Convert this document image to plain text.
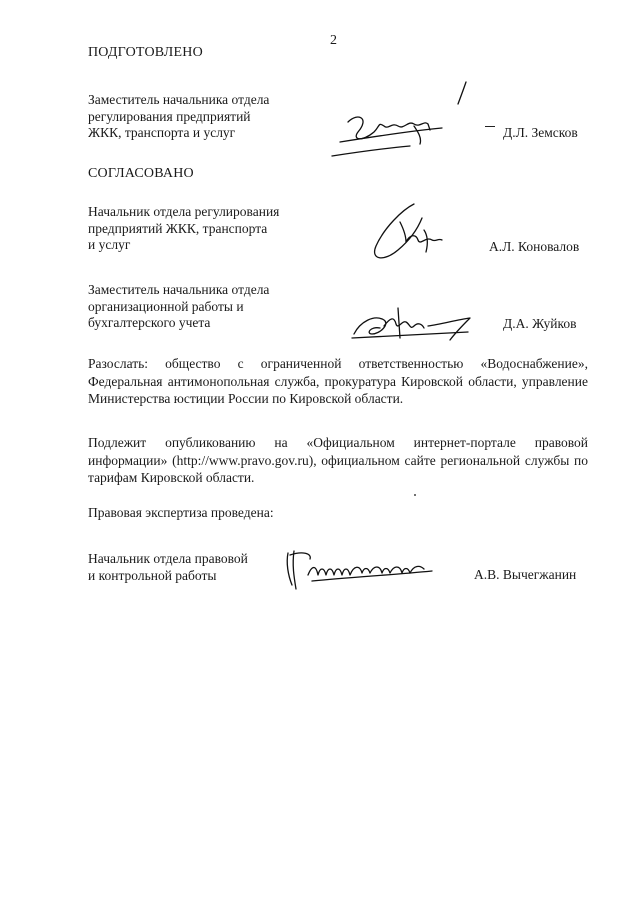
2
ПОДГОТОВЛЕНО
Заместитель начальника отдела
регулирования предприятий
ЖКК, транспорта и услуг	Д.Л. Земсков
СОГЛАСОВАНО
Начальник отдела регулирования
предприятий ЖКК, транспорта
и услуг	А.Л. Коновалов
Заместитель начальника отдела
организационной работы и
бухгалтерского учета	Д.А. Жуйков
Разослать: общество с ограниченной ответственностью «Водоснабжение», Федеральная антимонопольная служба, прокуратура Кировской области, управление Министерства юстиции России по Кировской области.
Подлежит опубликованию на «Официальном интернет-портале правовой информации» (http://www.pravo.gov.ru), официальном сайте региональной службы по тарифам Кировской области.
Правовая экспертиза проведена:
Начальник отдела правовой
и контрольной работы	А.В. Вычегжанин
